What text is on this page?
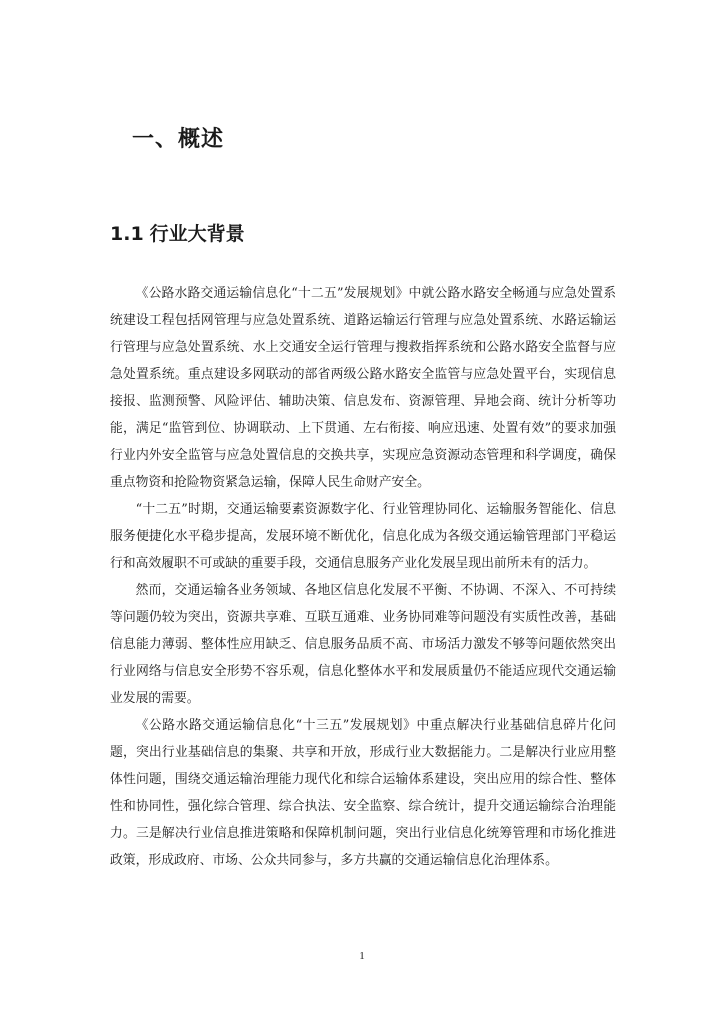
一、概述
1.1 行业大背景

《公路水路交通运输信息化“十二五”发展规划》中就公路水路安全畅通与应急处置系统建设工程包括网管理与应急处置系统、道路运输运行管理与应急处置系统、水路运输运行管理与应急处置系统、水上交通安全运行管理与搜救指挥系统和公路水路安全监督与应急处置系统。重点建设多网联动的部省两级公路水路安全监管与应急处置平台，实现信息接报、监测预警、风险评估、辅助决策、信息发布、资源管理、异地会商、统计分析等功能，满足“监管到位、协调联动、上下贯通、左右衔接、响应迅速、处置有效”的要求加强行业内外安全监管与应急处置信息的交换共享，实现应急资源动态管理和科学调度，确保重点物资和抢险物资紧急运输，保障人民生命财产安全。

“十二五”时期，交通运输要素资源数字化、行业管理协同化、运输服务智能化、信息服务便捷化水平稳步提高，发展环境不断优化，信息化成为各级交通运输管理部门平稳运行和高效履职不可或缺的重要手段，交通信息服务产业化发展呈现出前所未有的活力。

然而，交通运输各业务领域、各地区信息化发展不平衡、不协调、不深入、不可持续等问题仍较为突出，资源共享难、互联互通难、业务协同难等问题没有实质性改善，基础信息能力薄弱、整体性应用缺乏、信息服务品质不高、市场活力激发不够等问题依然突出行业网络与信息安全形势不容乐观，信息化整体水平和发展质量仍不能适应现代交通运输业发展的需要。

《公路水路交通运输信息化“十三五”发展规划》中重点解决行业基础信息碎片化问题，突出行业基础信息的集聚、共享和开放，形成行业大数据能力。二是解决行业应用整体性问题，围绕交通运输治理能力现代化和综合运输体系建设，突出应用的综合性、整体性和协同性，强化综合管理、综合执法、安全监察、综合统计，提升交通运输综合治理能力。三是解决行业信息推进策略和保障机制问题，突出行业信息化统筹管理和市场化推进政策，形成政府、市场、公众共同参与，多方共赢的交通运输信息化治理体系。

1
